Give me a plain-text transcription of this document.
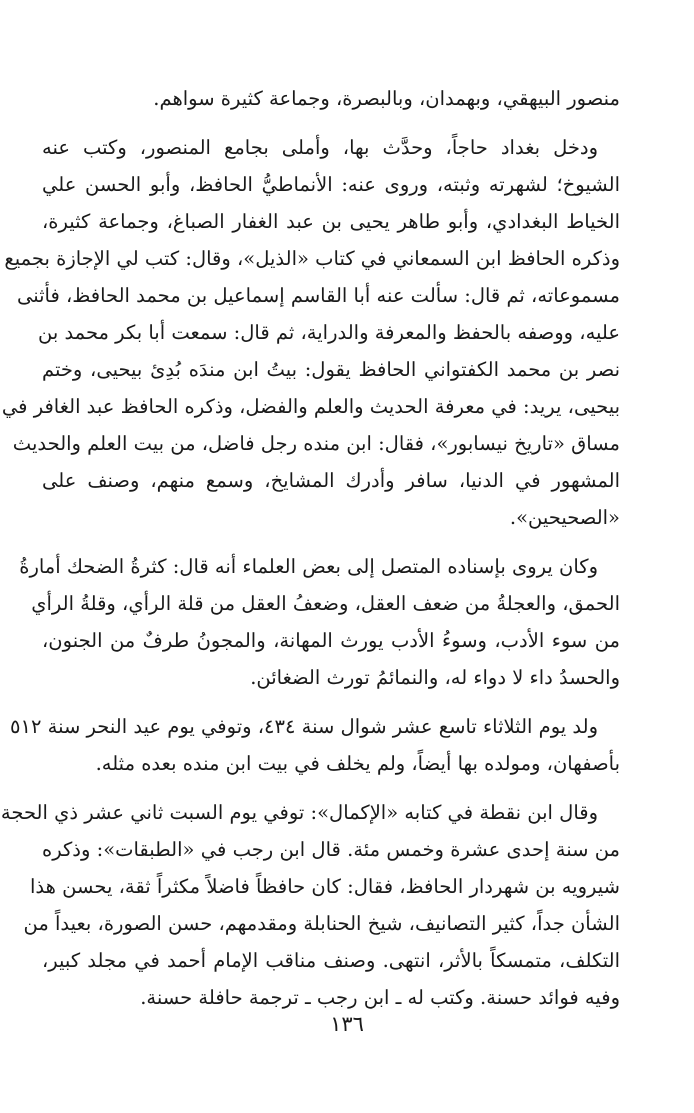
منصور البيهقي، وبهمدان، وبالبصرة، وجماعة كثيرة سواهم.
ودخل بغداد حاجاً، وحدَّث بها، وأملى بجامع المنصور، وكتب عنه
الشيوخ؛ لشهرته وثبته، وروى عنه: الأنماطيُّ الحافظ، وأبو الحسن علي
الخياط البغدادي، وأبو طاهر يحيى بن عبد الغفار الصباغ، وجماعة كثيرة،
وذكره الحافظ ابن السمعاني في كتاب «الذيل»، وقال: كتب لي الإجازة بجميع
مسموعاته، ثم قال: سألت عنه أبا القاسم إسماعيل بن محمد الحافظ، فأثنى
عليه، ووصفه بالحفظ والمعرفة والدراية، ثم قال: سمعت أبا بكر محمد بن
نصر بن محمد الكفتواني الحافظ يقول: بيتُ ابن مندَه بُدِئ بيحيى، وختم
بيحيى، يريد: في معرفة الحديث والعلم والفضل، وذكره الحافظ عبد الغافر في
مساق «تاريخ نيسابور»، فقال: ابن منده رجل فاضل، من بيت العلم والحديث
المشهور في الدنيا، سافر وأدرك المشايخ، وسمع منهم، وصنف على
«الصحيحين».
وكان يروى بإسناده المتصل إلى بعض العلماء أنه قال: كثرةُ الضحك أمارةُ
الحمق، والعجلةُ من ضعف العقل، وضعفُ العقل من قلة الرأي، وقلةُ الرأي
من سوء الأدب، وسوءُ الأدب يورث المهانة، والمجونُ طرفٌ من الجنون،
والحسدُ داء لا دواء له، والنمائمُ تورث الضغائن.
ولد يوم الثلاثاء تاسع عشر شوال سنة ٤٣٤، وتوفي يوم عيد النحر سنة ٥١٢
بأصفهان، ومولده بها أيضاً، ولم يخلف في بيت ابن منده بعده مثله.
وقال ابن نقطة في كتابه «الإكمال»: توفي يوم السبت ثاني عشر ذي الحجة
من سنة إحدى عشرة وخمس مئة. قال ابن رجب في «الطبقات»: وذكره
شيرويه بن شهردار الحافظ، فقال: كان حافظاً فاضلاً مكثراً ثقة، يحسن هذا
الشأن جداً، كثير التصانيف، شيخ الحنابلة ومقدمهم، حسن الصورة، بعيداً من
التكلف، متمسكاً بالأثر، انتهى. وصنف مناقب الإمام أحمد في مجلد كبير،
وفيه فوائد حسنة. وكتب له ـ ابن رجب ـ ترجمة حافلة حسنة.
١٣٦
